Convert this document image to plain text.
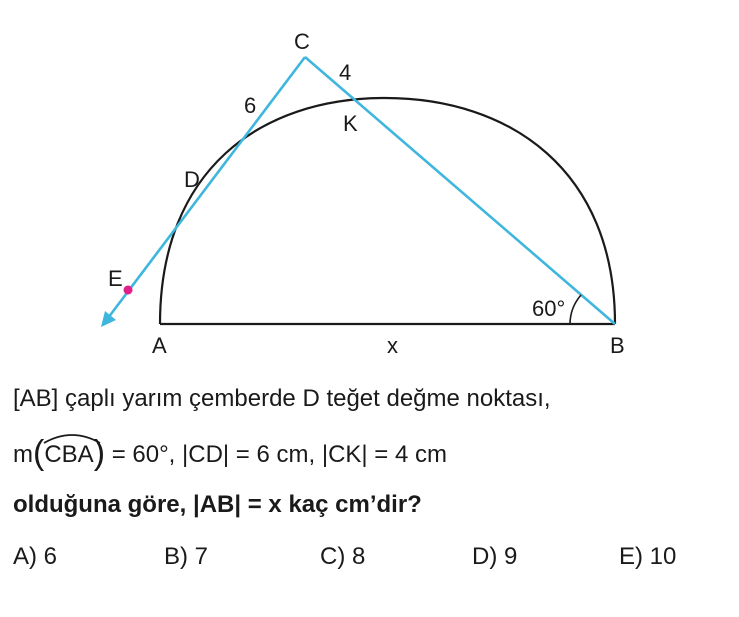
C
4
6
K
D
E
60°
A	x	B
[AB] çaplı yarım çemberde D teğet değme noktası,
m(
CBA) = 60°, |CD| = 6 cm, |CK| = 4 cm
olduğuna göre, |AB| = x kaç cm’dir?
A) 6	B) 7	C) 8	D) 9	E) 10
